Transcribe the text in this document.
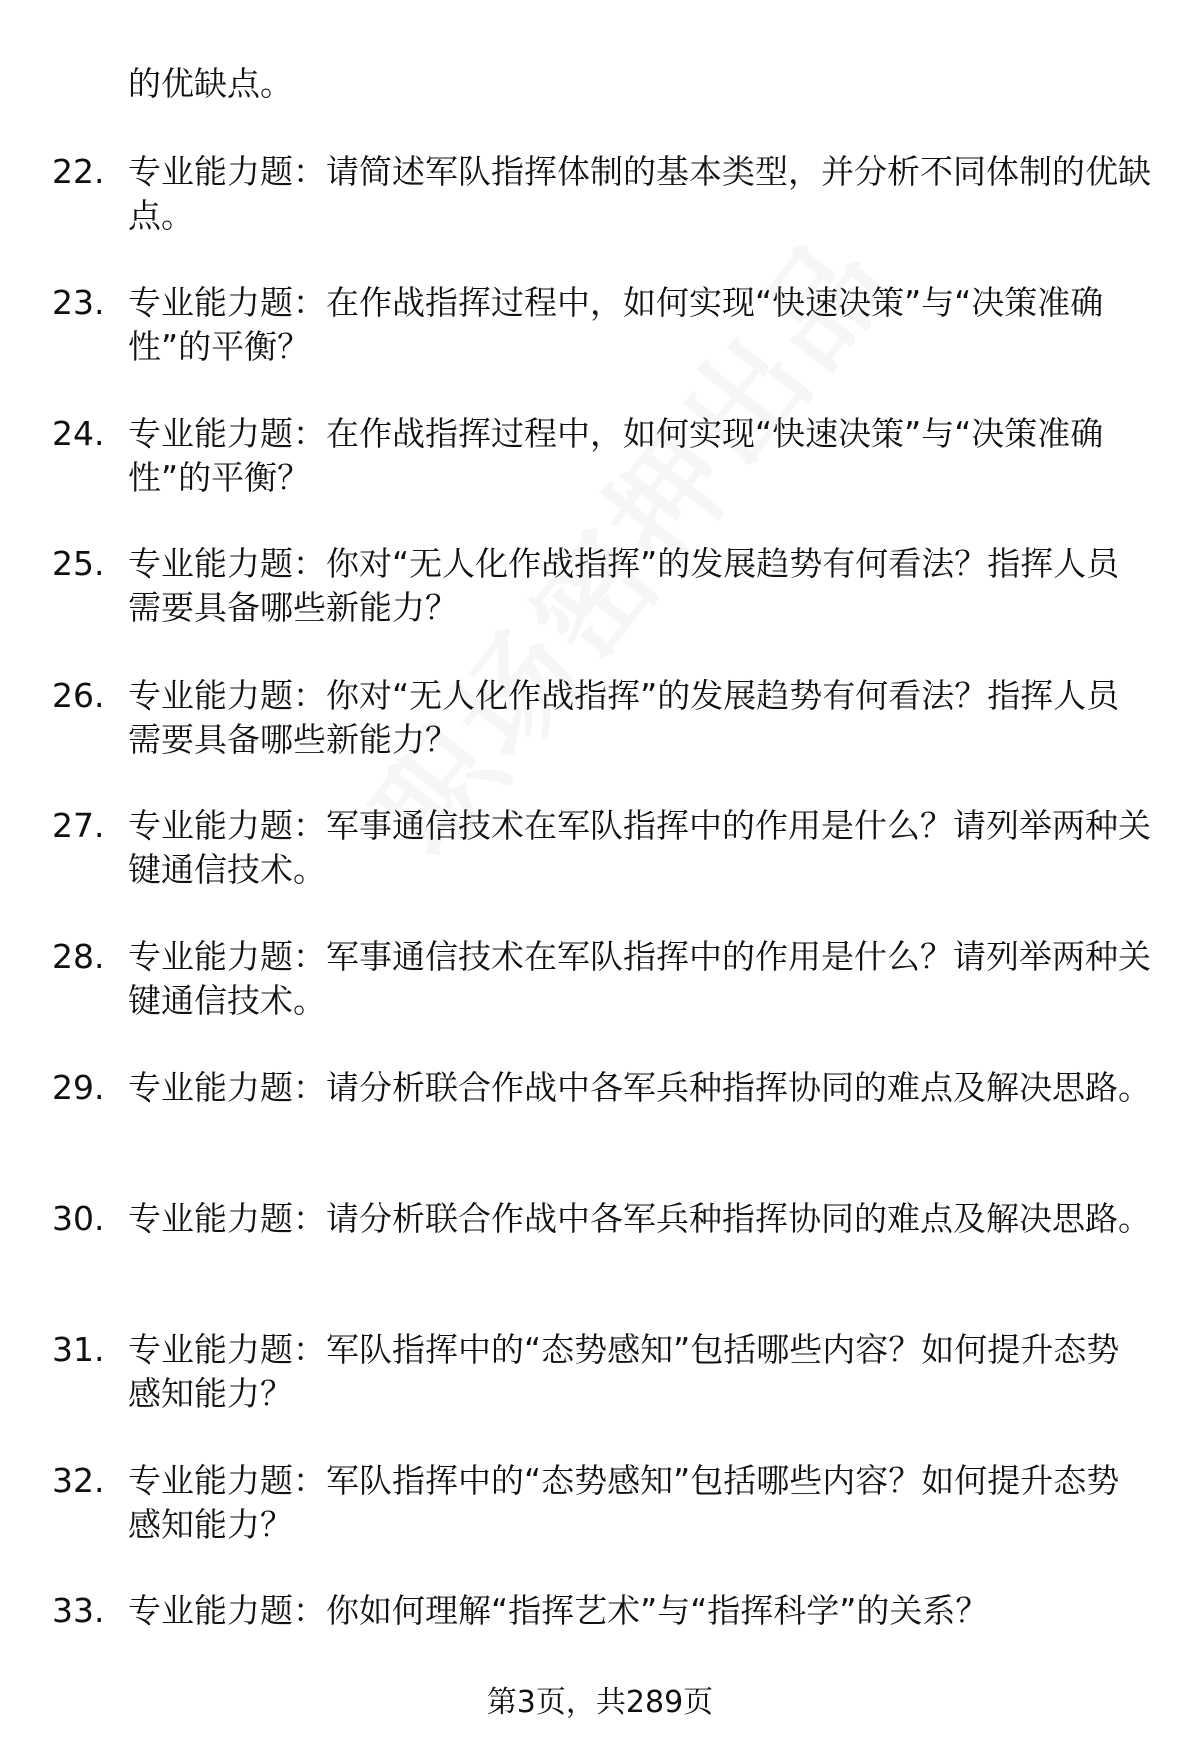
的优缺点。
22. 专业能力题：请简述军队指挥体制的基本类型，并分析不同体制的优缺点。
23. 专业能力题：在作战指挥过程中，如何实现“快速决策”与“决策准确性”的平衡？
24. 专业能力题：在作战指挥过程中，如何实现“快速决策”与“决策准确性”的平衡？
25. 专业能力题：你对“无人化作战指挥”的发展趋势有何看法？指挥人员需要具备哪些新能力？
26. 专业能力题：你对“无人化作战指挥”的发展趋势有何看法？指挥人员需要具备哪些新能力？
27. 专业能力题：军事通信技术在军队指挥中的作用是什么？请列举两种关键通信技术。
28. 专业能力题：军事通信技术在军队指挥中的作用是什么？请列举两种关键通信技术。
29. 专业能力题：请分析联合作战中各军兵种指挥协同的难点及解决思路。
30. 专业能力题：请分析联合作战中各军兵种指挥协同的难点及解决思路。
31. 专业能力题：军队指挥中的“态势感知”包括哪些内容？如何提升态势感知能力？
32. 专业能力题：军队指挥中的“态势感知”包括哪些内容？如何提升态势感知能力？
33. 专业能力题：你如何理解“指挥艺术”与“指挥科学”的关系？
第3页，共289页
